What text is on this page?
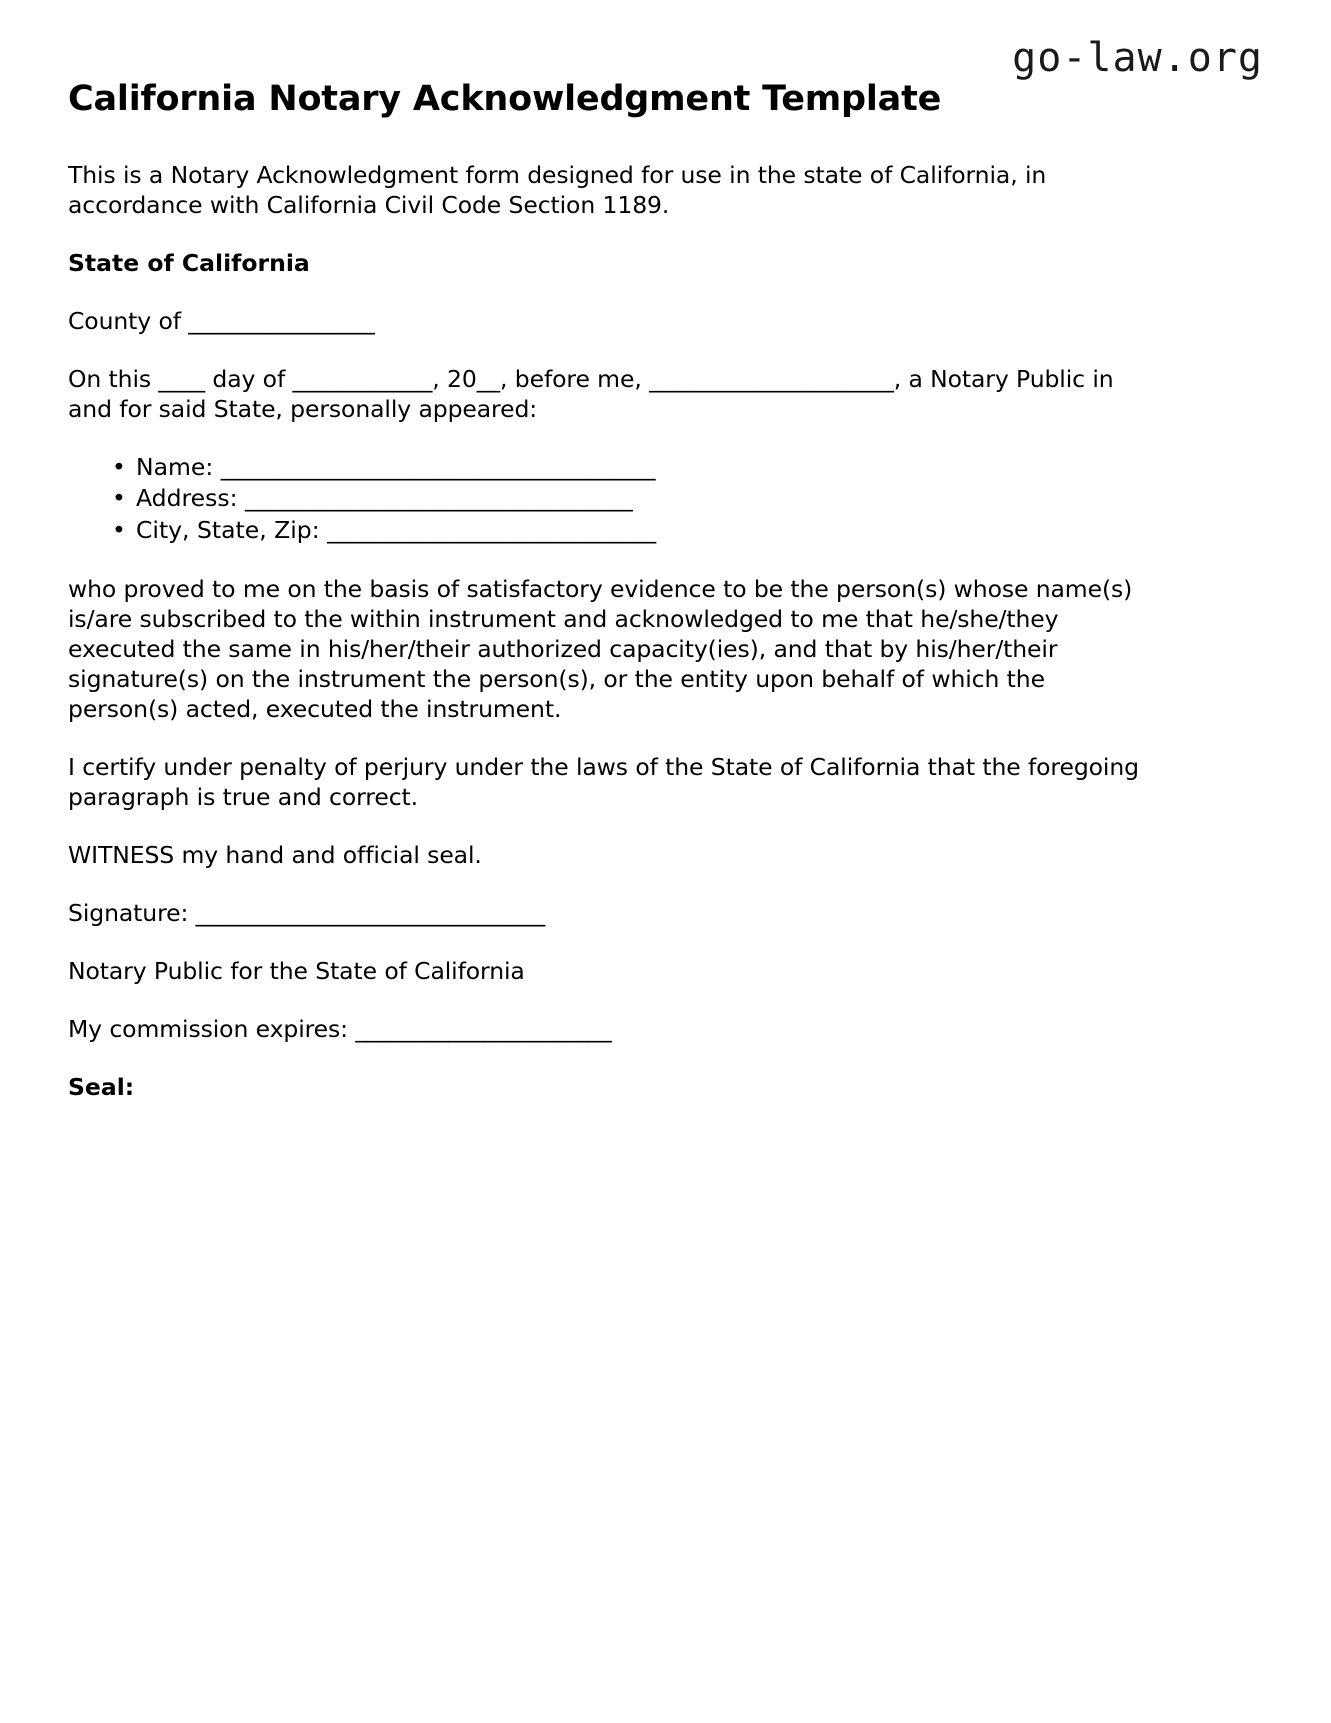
go-law.org
California Notary Acknowledgment Template

This is a Notary Acknowledgment form designed for use in the state of California, in accordance with California Civil Code Section 1189.

State of California

County of ________________

On this ____ day of ____________, 20__, before me, _____________________, a Notary Public in and for said State, personally appeared:

• Name: _____________________________________
• Address: _________________________________
• City, State, Zip: ____________________________

who proved to me on the basis of satisfactory evidence to be the person(s) whose name(s) is/are subscribed to the within instrument and acknowledged to me that he/she/they executed the same in his/her/their authorized capacity(ies), and that by his/her/their signature(s) on the instrument the person(s), or the entity upon behalf of which the person(s) acted, executed the instrument.

I certify under penalty of perjury under the laws of the State of California that the foregoing paragraph is true and correct.

WITNESS my hand and official seal.

Signature: ______________________________

Notary Public for the State of California

My commission expires: ______________________

Seal:
